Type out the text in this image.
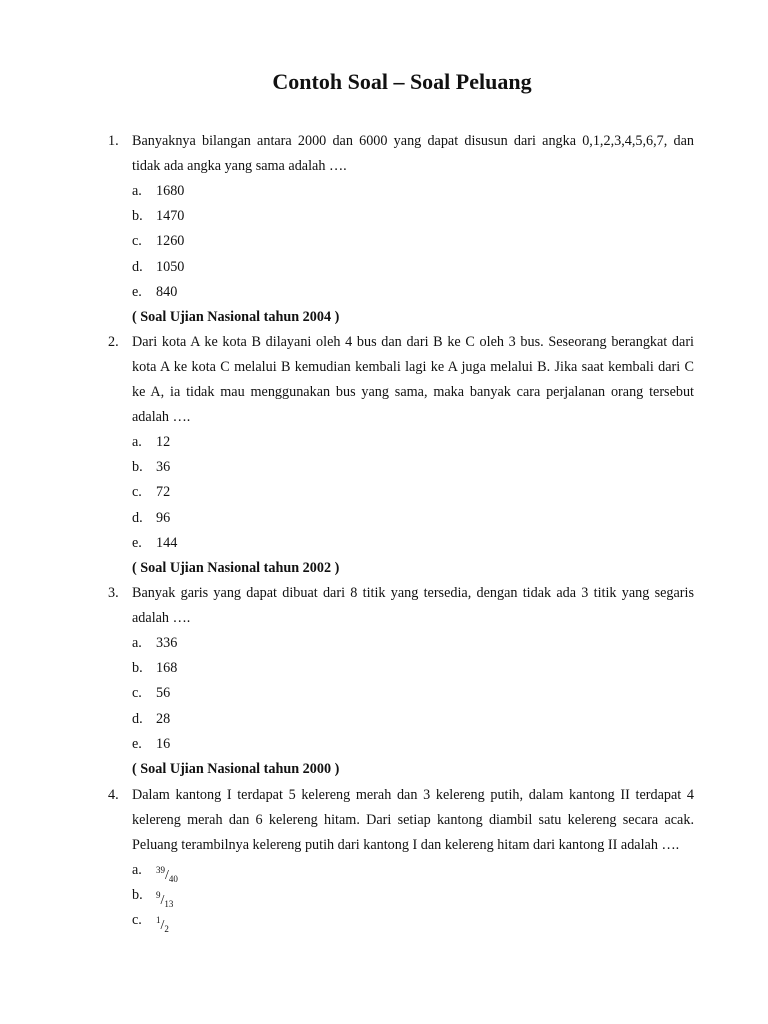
Contoh Soal – Soal Peluang
1. Banyaknya bilangan antara 2000 dan 6000 yang dapat disusun dari angka 0,1,2,3,4,5,6,7, dan tidak ada angka yang sama adalah ….
a. 1680
b. 1470
c. 1260
d. 1050
e. 840
( Soal Ujian Nasional tahun 2004 )
2. Dari kota A ke kota B dilayani oleh 4 bus dan dari B ke C oleh 3 bus. Seseorang berangkat dari kota A ke kota C melalui B kemudian kembali lagi ke A juga melalui B. Jika saat kembali dari C ke A, ia tidak mau menggunakan bus yang sama, maka banyak cara perjalanan orang tersebut adalah ….
a. 12
b. 36
c. 72
d. 96
e. 144
( Soal Ujian Nasional tahun 2002 )
3. Banyak garis yang dapat dibuat dari 8 titik yang tersedia, dengan tidak ada 3 titik yang segaris adalah ….
a. 336
b. 168
c. 56
d. 28
e. 16
( Soal Ujian Nasional tahun 2000 )
4. Dalam kantong I terdapat 5 kelereng merah dan 3 kelereng putih, dalam kantong II terdapat 4 kelereng merah dan 6 kelereng hitam. Dari setiap kantong diambil satu kelereng secara acak. Peluang terambilnya kelereng putih dari kantong I dan kelereng hitam dari kantong II adalah ….
a.	$^{39}/_{40}$
b.	$^9/_{13}$
c.	$^1/_2$
